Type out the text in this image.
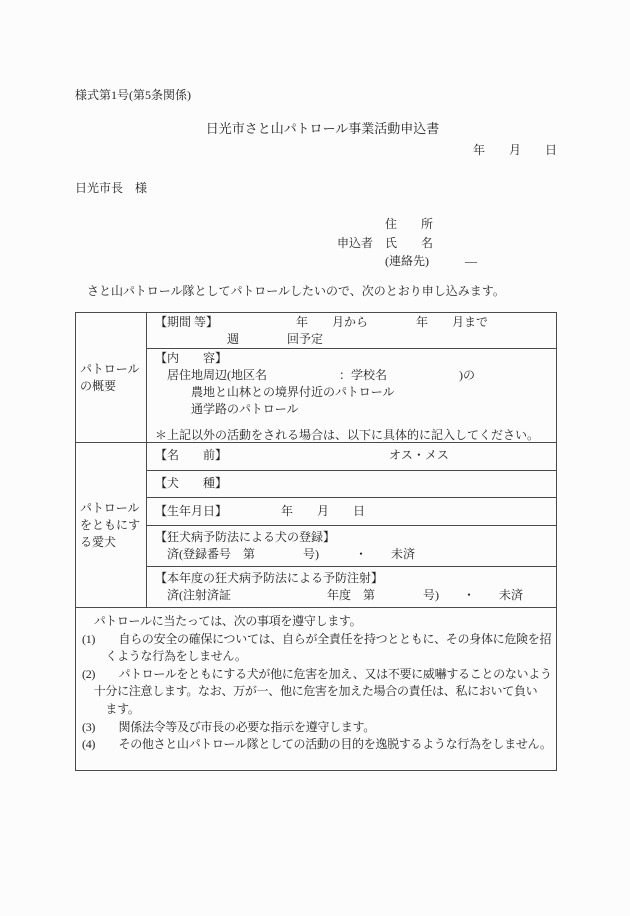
様式第1号(第5条関係)
日光市さと山パトロール事業活動申込書
年　　月　　日
日光市長　様
　　　　住　　所
申込者　氏　　名
　　　　(連絡先)　　　―
　さと山パトロール隊としてパトロールしたいので、次のとおり申し込みます。
パトロール
の概要
【期間 等】　　　　　　　年　　月から　　　　年　　月まで
　　　　　　週　　　　回予定
【内　　容】
　居住地周辺(地区名　　　　　　：学校名　　　　　　)の
　　　農地と山林との境界付近のパトロール
　　　通学路のパトロール
＊上記以外の活動をされる場合は、以下に具体的に記入してください。
パトロール
をともにす
る愛犬
【名　　前】　　　　　　　　　　　　　　オス・メス
【犬　　種】
【生年月日】　　　　　年　　月　　日
【狂犬病予防法による犬の登録】
　済(登録番号　第　　　　号)　　　・　　未済
【本年度の狂犬病予防法による予防注射】
　済(注射済証　　　　　　　　年度　第　　　　号)　　・　　未済
　パトロールに当たっては、次の事項を遵守します。
(1)　　自らの安全の確保については、自らが全責任を持つとともに、その身体に危険を招
　　くような行為をしません。
(2)　　パトロールをともにする犬が他に危害を加え、又は不要に威嚇することのないよう
　十分に注意します。なお、万が一、他に危害を加えた場合の責任は、私において負い
　　ます。
(3)　　関係法令等及び市長の必要な指示を遵守します。
(4)　　その他さと山パトロール隊としての活動の目的を逸脱するような行為をしません。
